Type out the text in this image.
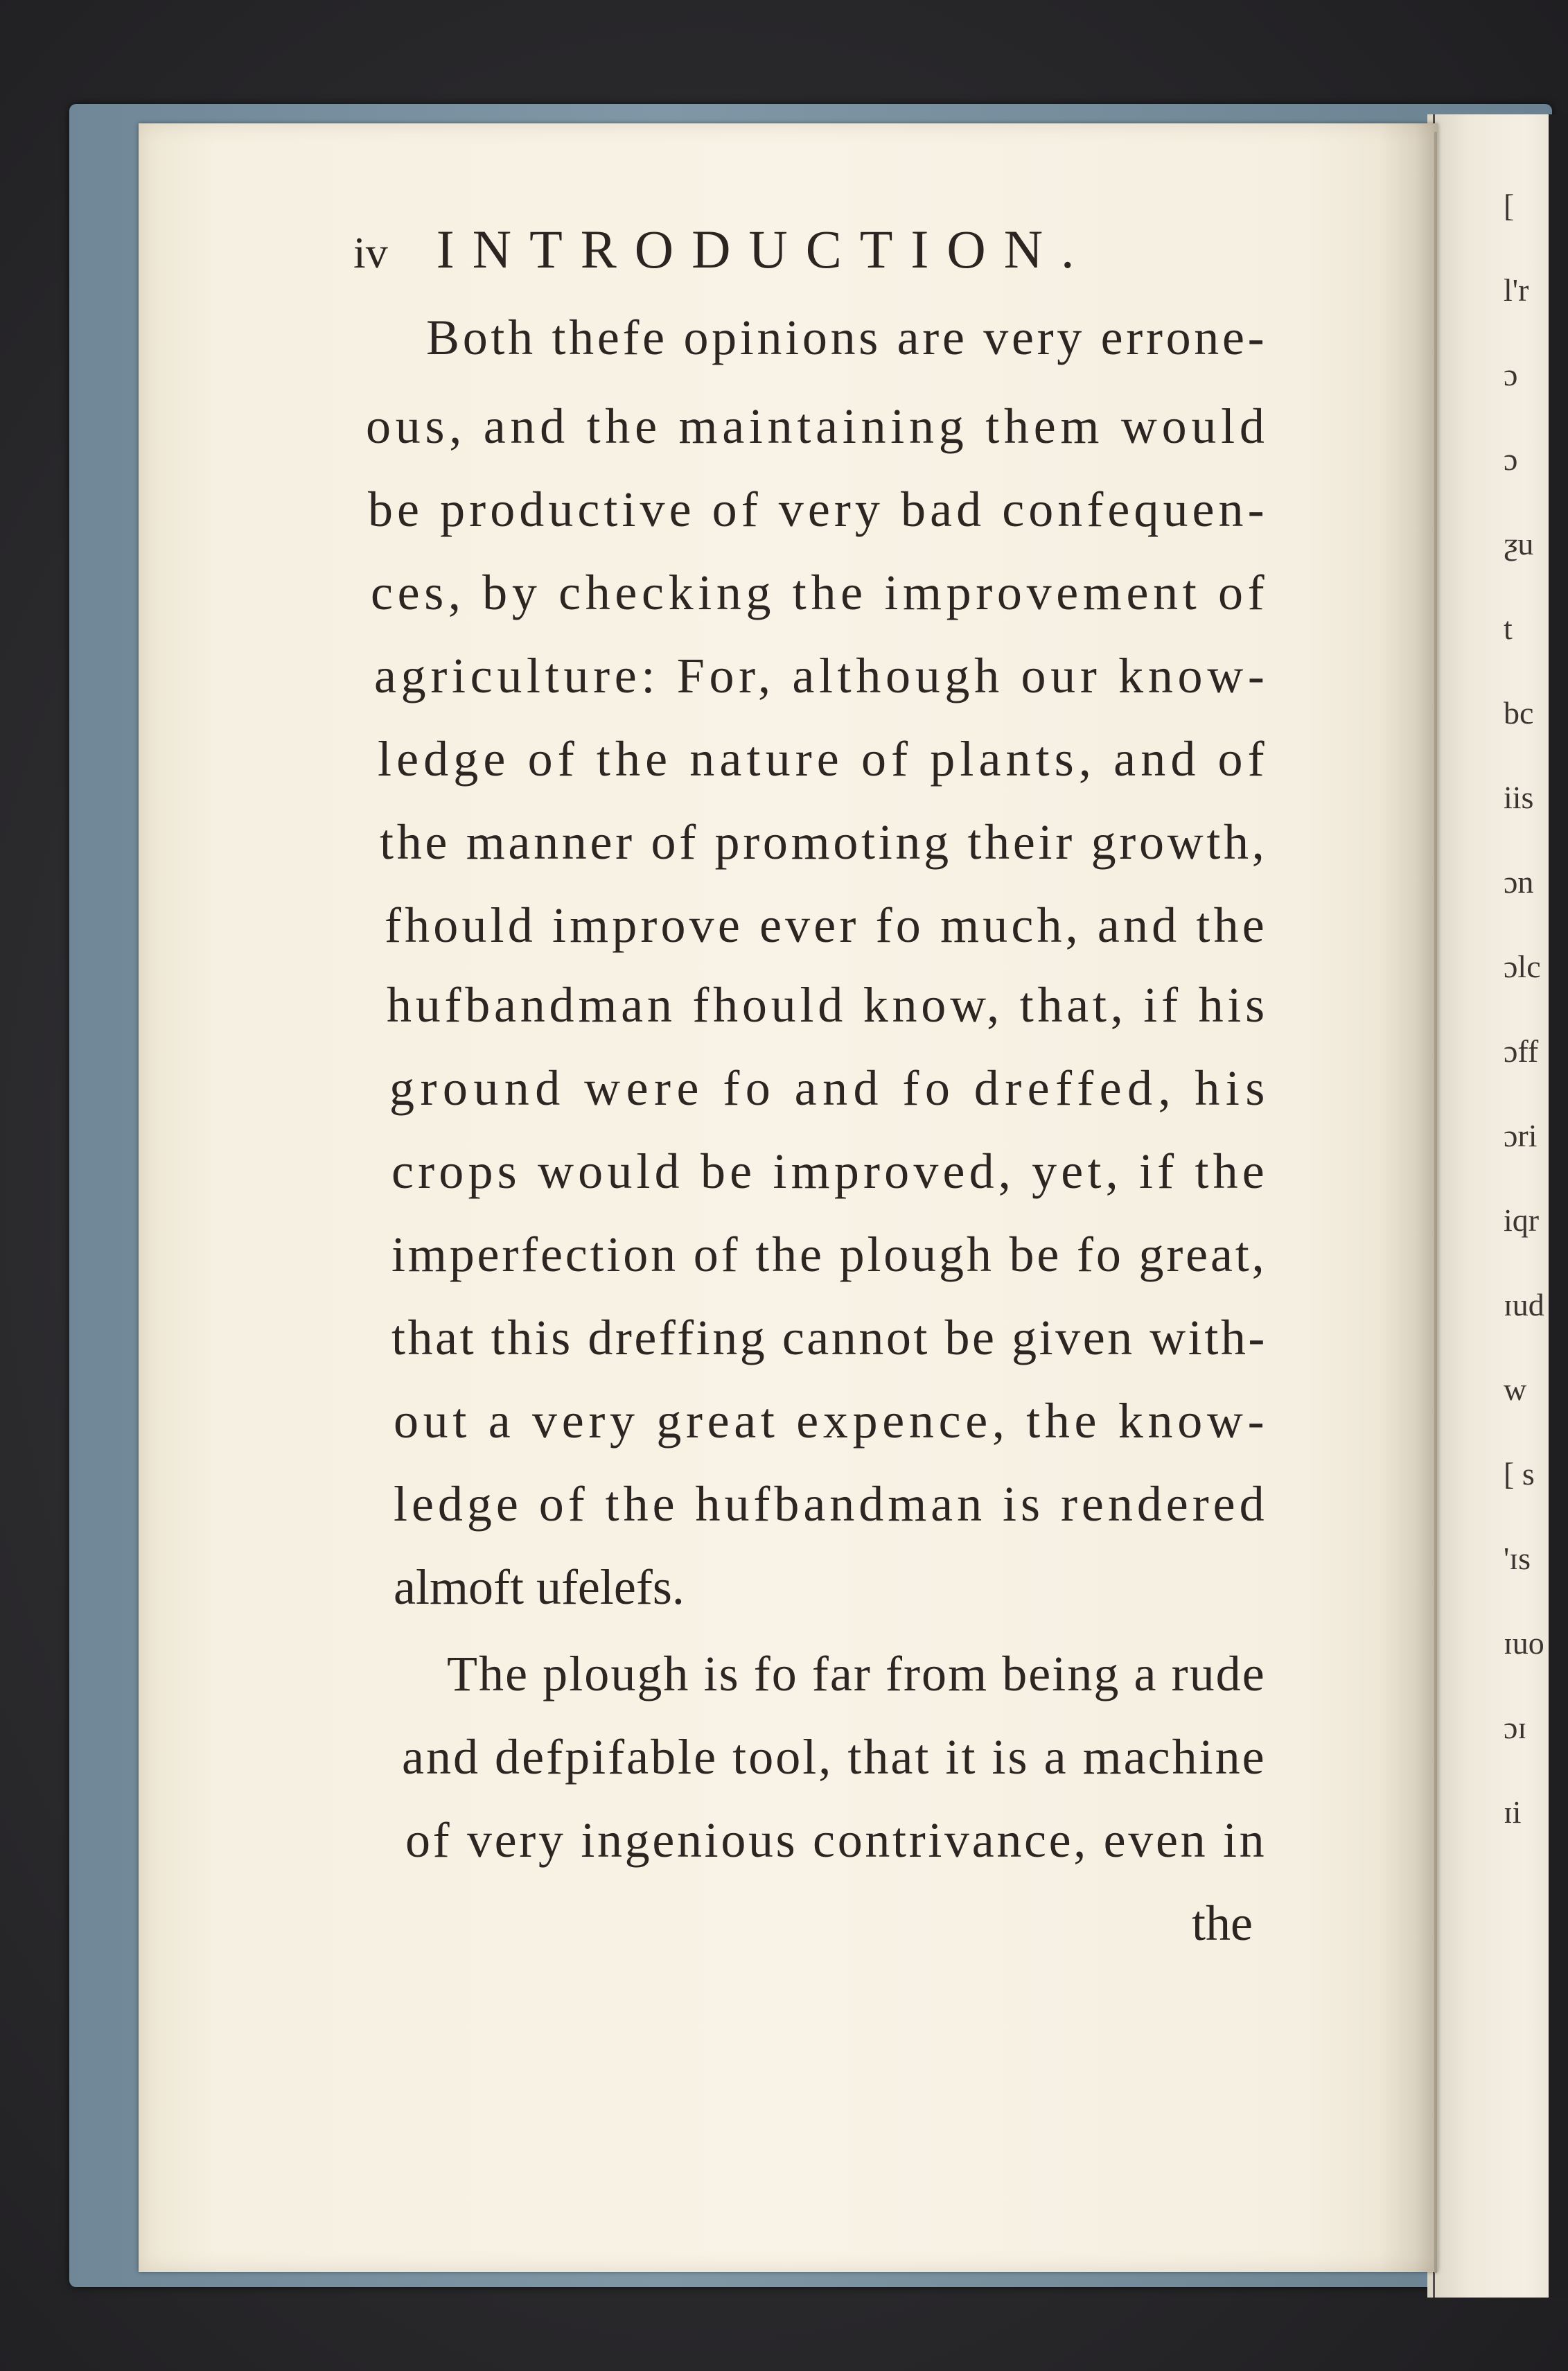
[
l'r
ɔ
ɔ
ƺu
t
bc
iis
ɔn
ɔlc
ɔff
ɔri
iqr
ɪud
w
[ s
'ɪs
ɪuo
ɔɪ
ɪi
iv INTRODUCTION.
Both thefe opinions are very errone-
ous, and the maintaining them would
be productive of very bad confequen-
ces, by checking the improvement of
agriculture: For, although our know-
ledge of the nature of plants, and of
the manner of promoting their growth,
fhould improve ever fo much, and the
hufbandman fhould know, that, if his
ground were fo and fo dreffed, his
crops would be improved, yet, if the
imperfection of the plough be fo great,
that this dreffing cannot be given with-
out a very great expence, the know-
ledge of the hufbandman is rendered
almoft ufelefs.
The plough is fo far from being a rude
and defpifable tool, that it is a machine
of very ingenious contrivance, even in
the
